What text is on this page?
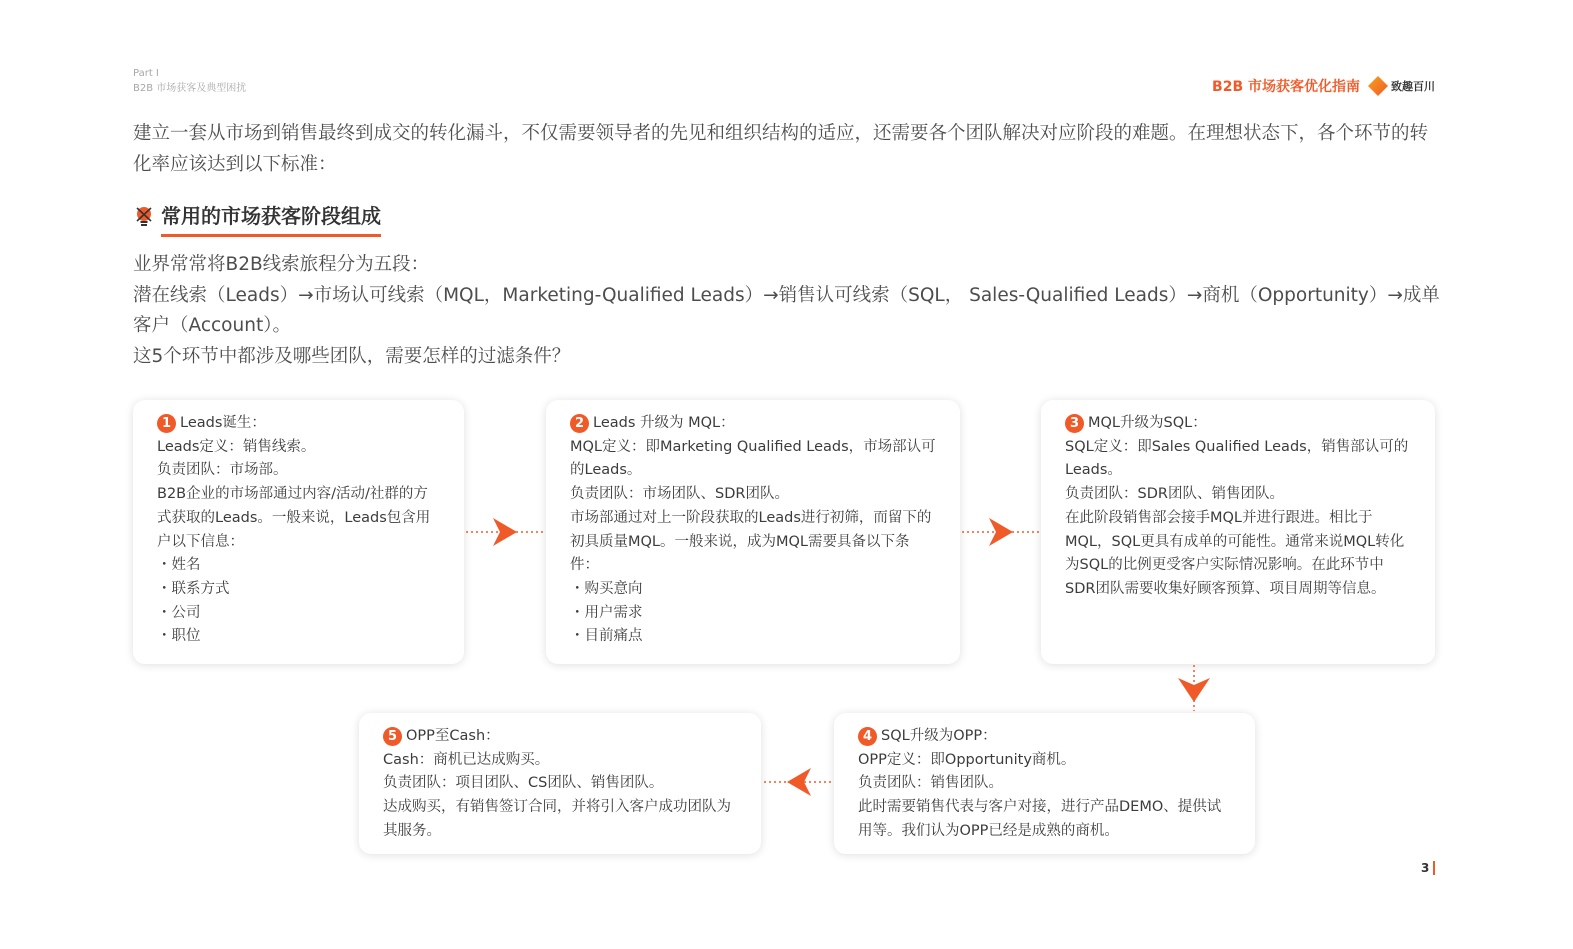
Part I
B2B 市场获客及典型困扰	B2B 市场获客优化指南	致趣百川

建立一套从市场到销售最终到成交的转化漏斗，不仅需要领导者的先见和组织结构的适应，还需要各个团队解决对应阶段的难题。在理想状态下，各个环节的转化率应该达到以下标准：

常用的市场获客阶段组成

业界常常将B2B线索旅程分为五段：

潜在线索（Leads）→市场认可线索（MQL，Marketing-Qualified Leads）→销售认可线索（SQL， Sales-Qualified Leads）→商机（Opportunity）→成单客户（Account）。

这5个环节中都涉及哪些团队，需要怎样的过滤条件？

1 Leads诞生：

Leads定义：销售线索。

负责团队：市场部。

B2B企业的市场部通过内容/活动/社群的方式获取的Leads。一般来说，Leads包含用户以下信息：

・ 姓名
・ 联系方式
・ 公司
・ 职位
2 Leads 升级为 MQL：

MQL定义：即Marketing Qualified Leads，市场部认可的Leads。

负责团队：市场团队、SDR团队。

市场部通过对上一阶段获取的Leads进行初筛，而留下的初具质量MQL。一般来说，成为MQL需要具备以下条件：

・ 购买意向
・ 用户需求
・ 目前痛点
3 MQL升级为SQL：

SQL定义：即Sales Qualified Leads，销售部认可的Leads。

负责团队：SDR团队、销售团队。

在此阶段销售部会接手MQL并进行跟进。相比于MQL，SQL更具有成单的可能性。通常来说MQL转化为SQL的比例更受客户实际情况影响。在此环节中SDR团队需要收集好顾客预算、项目周期等信息。

4 SQL升级为OPP：

OPP定义：即Opportunity商机。

负责团队：销售团队。

此时需要销售代表与客户对接，进行产品DEMO、提供试用等。我们认为OPP已经是成熟的商机。

5 OPP至Cash：

Cash：商机已达成购买。

负责团队：项目团队、CS团队、销售团队。

达成购买，有销售签订合同，并将引入客户成功团队为其服务。

3
